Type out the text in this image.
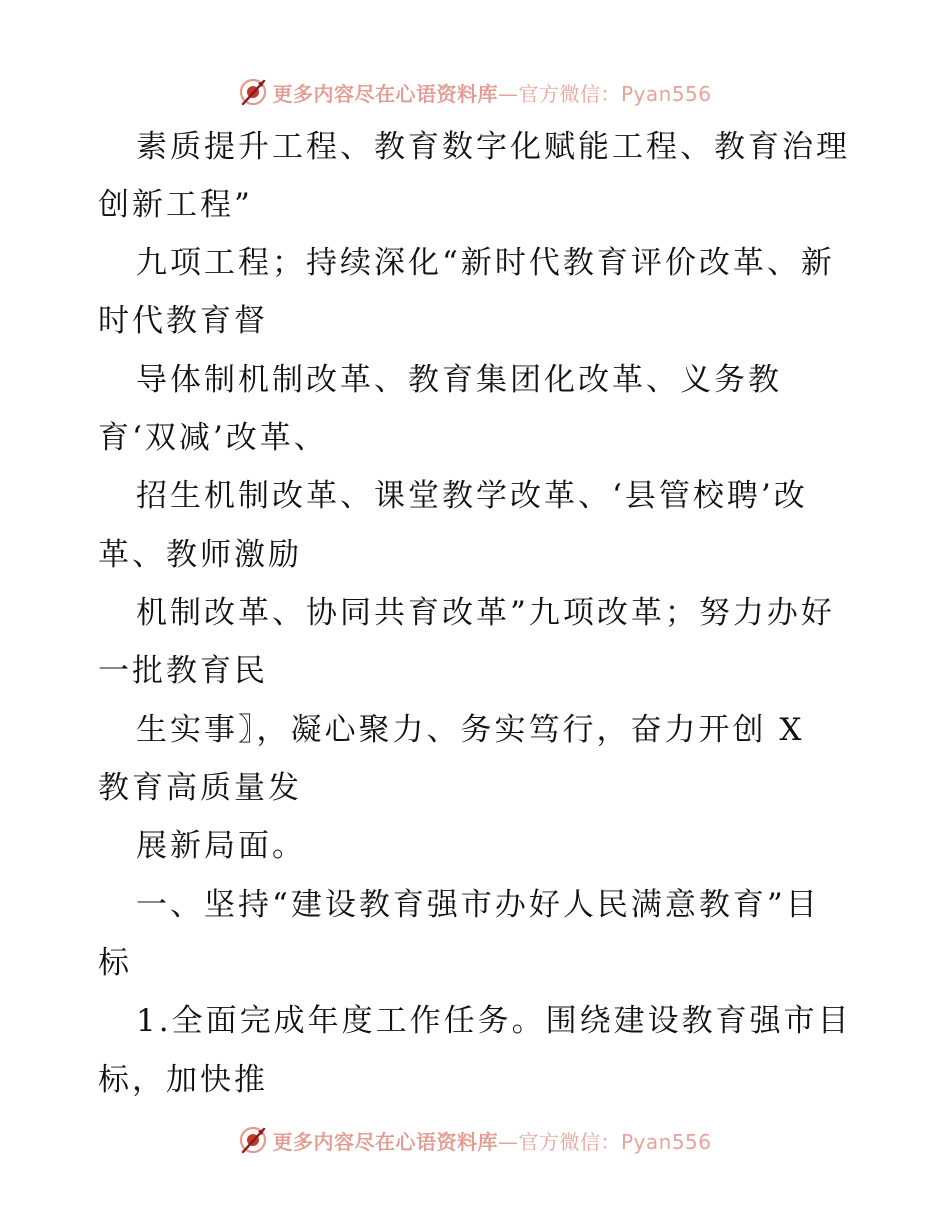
更多内容尽在心语资料库—官方微信：Pyan556
素质提升工程、教育数字化赋能工程、教育治理
创新工程”
九项工程；持续深化“新时代教育评价改革、新
时代教育督
导体制机制改革、教育集团化改革、义务教
育‘双减’改革、
招生机制改革、课堂教学改革、‘县管校聘’改
革、教师激励
机制改革、协同共育改革”九项改革；努力办好
一批教育民
生实事〗，凝心聚力、务实笃行，奋力开创 X
教育高质量发
展新局面。
一、坚持“建设教育强市办好人民满意教育”目
标
1.全面完成年度工作任务。围绕建设教育强市目
标，加快推
更多内容尽在心语资料库—官方微信：Pyan556
